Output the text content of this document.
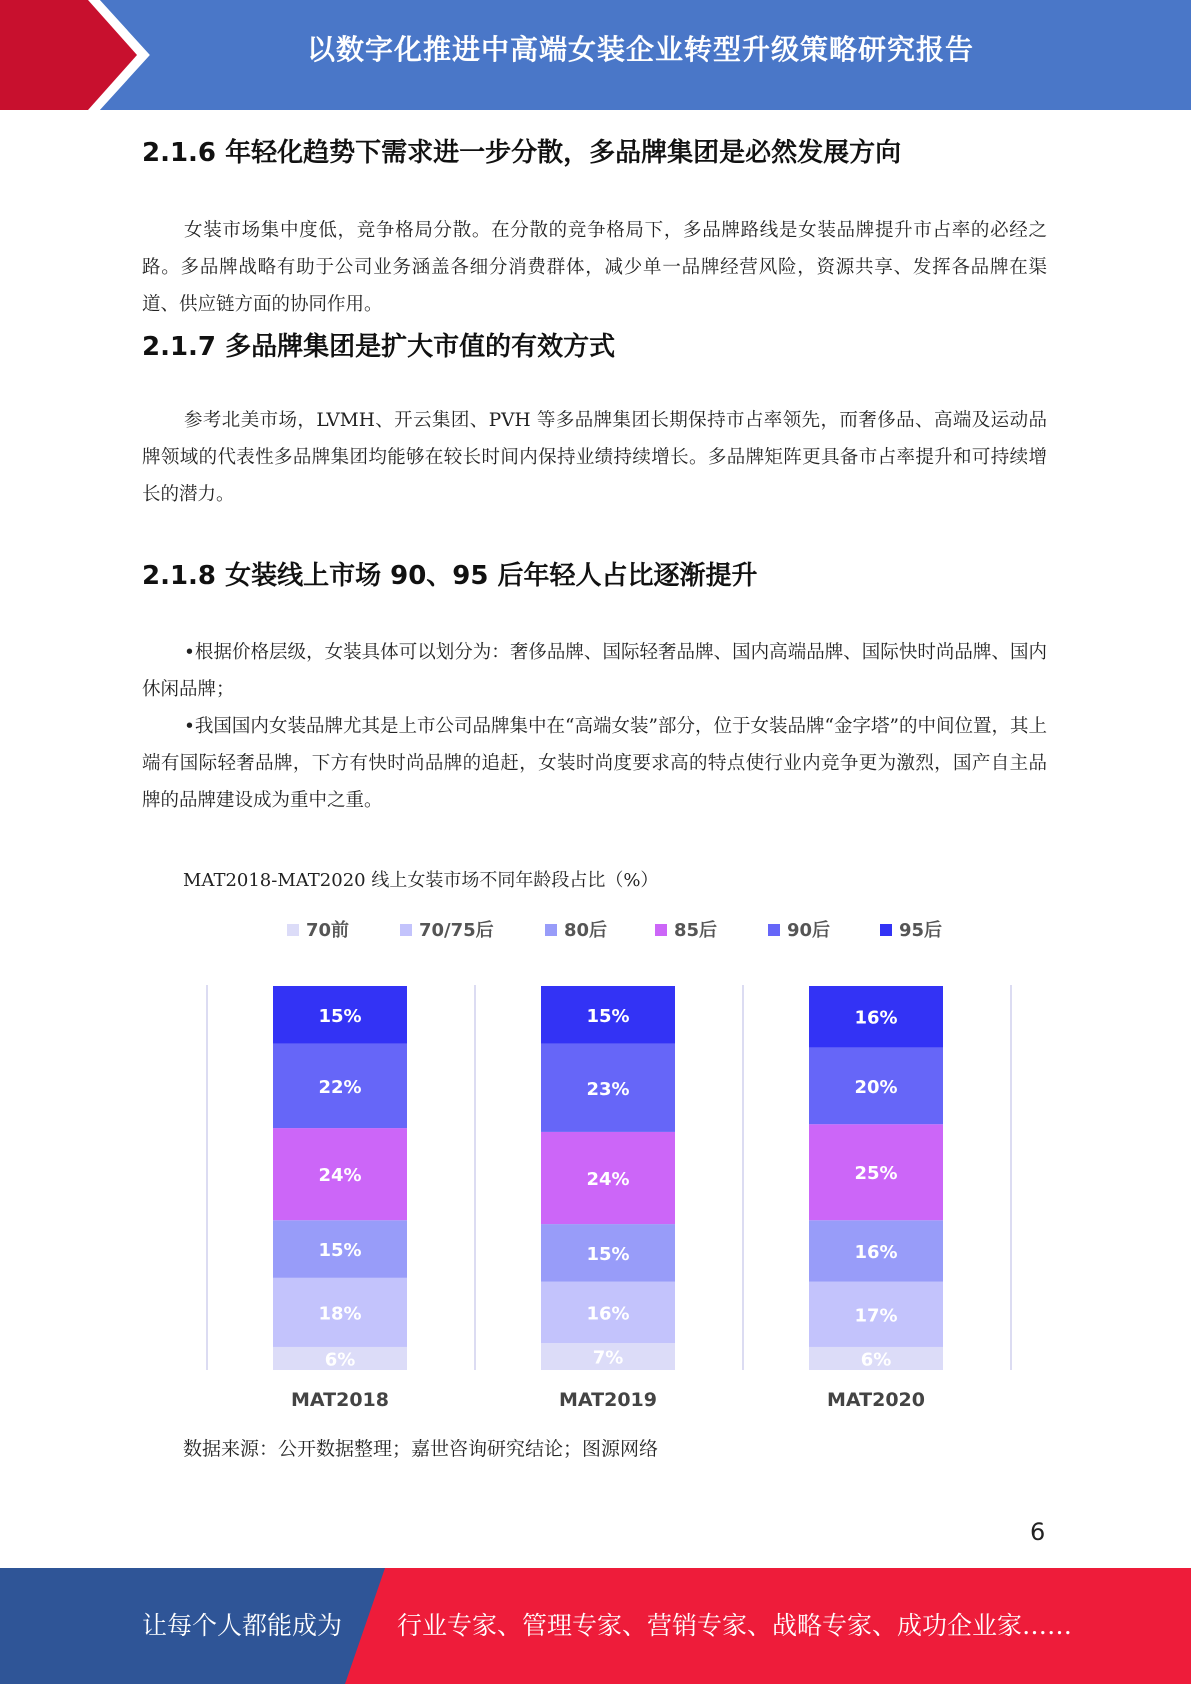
以数字化推进中高端女装企业转型升级策略研究报告
2.1.6 年轻化趋势下需求进一步分散，多品牌集团是必然发展方向

女装市场集中度低，竞争格局分散。在分散的竞争格局下，多品牌路线是女装品牌提升市占率的必经之路。多品牌战略有助于公司业务涵盖各细分消费群体，减少单一品牌经营风险，资源共享、发挥各品牌在渠道、供应链方面的协同作用。

2.1.7 多品牌集团是扩大市值的有效方式

参考北美市场，LVMH、开云集团、PVH 等多品牌集团长期保持市占率领先，而奢侈品、高端及运动品牌领域的代表性多品牌集团均能够在较长时间内保持业绩持续增长。多品牌矩阵更具备市占率提升和可持续增长的潜力。

2.1.8 女装线上市场 90、95 后年轻人占比逐渐提升

•根据价格层级，女装具体可以划分为：奢侈品牌、国际轻奢品牌、国内高端品牌、国际快时尚品牌、国内休闲品牌；

•我国国内女装品牌尤其是上市公司品牌集中在“高端女装”部分，位于女装品牌“金字塔”的中间位置，其上端有国际轻奢品牌，下方有快时尚品牌的追赶，女装时尚度要求高的特点使行业内竞争更为激烈，国产自主品牌的品牌建设成为重中之重。

MAT2018-MAT2020 线上女装市场不同年龄段占比（%）
70前	70/75后	80后	85后	90后	95后
6%
18%
15%
24%
22%
15%
MAT2018
7%
16%
15%
24%
23%
15%
MAT2019
6%
17%
16%
25%
20%
16%
MAT2020
数据来源：公开数据整理；嘉世咨询研究结论；图源网络
6
让每个人都能成为 行业专家、管理专家、营销专家、战略专家、成功企业家……
